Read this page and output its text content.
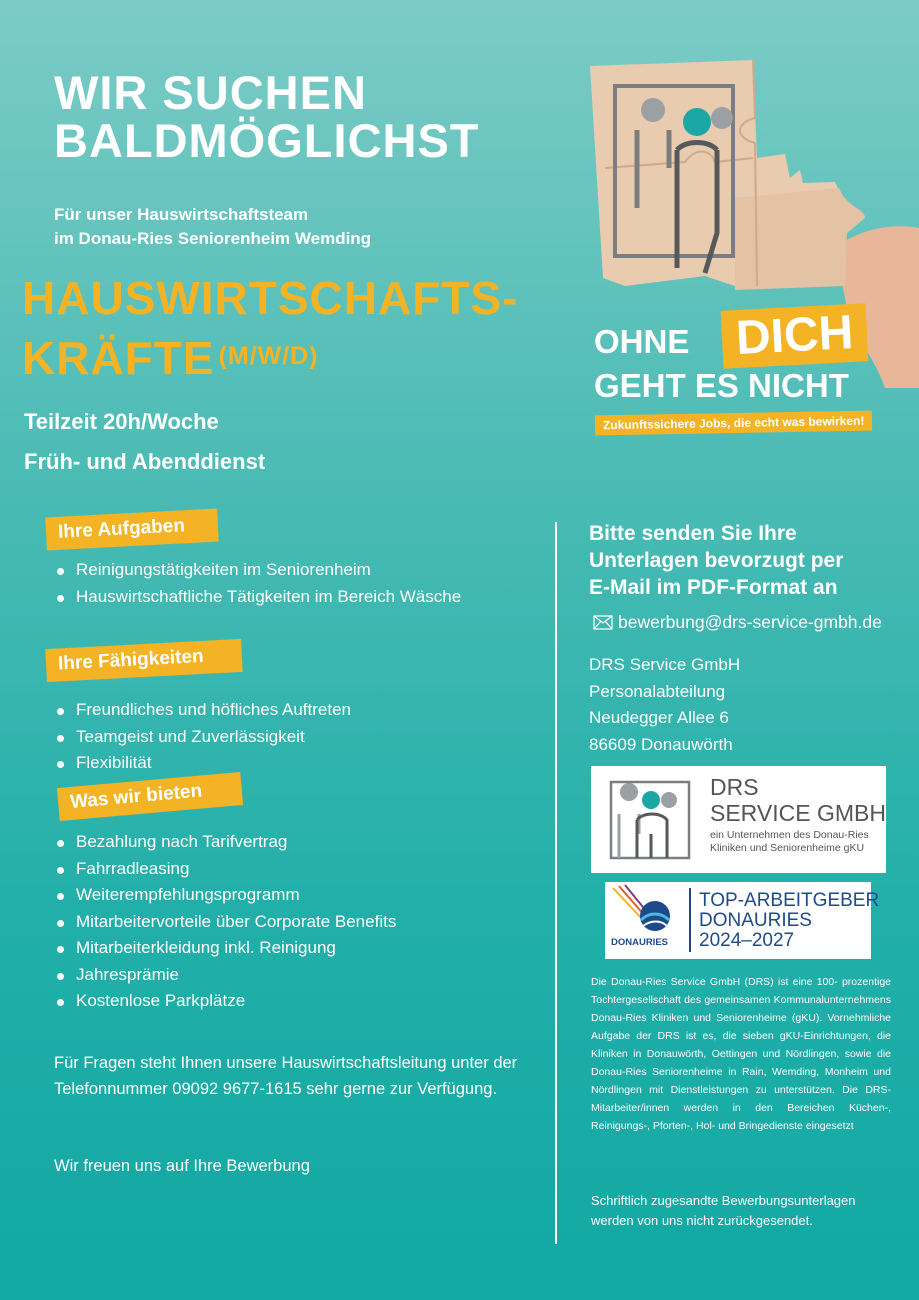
WIR SUCHEN
BALDMÖGLICHST
Für unser Hauswirtschaftsteam
im Donau-Ries Seniorenheim Wemding
HAUSWIRTSCHAFTS-
KRÄFTE $^{(M/W/D)}$
Teilzeit 20h/Woche
Früh- und Abenddienst
Ihre Aufgaben
Reinigungstätigkeiten im Seniorenheim
Hauswirtschaftliche Tätigkeiten im Bereich Wäsche
Ihre Fähigkeiten
Freundliches und höfliches Auftreten
Teamgeist und Zuverlässigkeit
Flexibilität
Was wir bieten
Bezahlung nach Tarifvertrag
Fahrradleasing
Weiterempfehlungsprogramm
Mitarbeitervorteile über Corporate Benefits
Mitarbeiterkleidung inkl. Reinigung
Jahresprämie
Kostenlose Parkplätze
Für Fragen steht Ihnen unsere Hauswirtschaftsleitung unter der Telefonnummer 09092 9677-1615 sehr gerne zur Verfügung.
Wir freuen uns auf Ihre Bewerbung
OHNE DICH
GEHT ES NICHT
Zukunftssichere Jobs, die echt was bewirken!
Bitte senden Sie Ihre
Unterlagen bevorzugt per
E-Mail im PDF-Format an
bewerbung@drs-service-gmbh.de
DRS Service GmbH
Personalabteilung
Neudegger Allee 6
86609 Donauwörth
DRS
SERVICE GMBH
ein Unternehmen des Donau-Ries
Kliniken und Seniorenheime gKU
DONAURIES
TOP-ARBEITGEBER
DONAURIES
2024–2027
Die Donau-Ries Service GmbH (DRS) ist eine 100- prozentige Tochtergesellschaft des gemeinsamen Kommunalunternehmens Donau-Ries Kliniken und Seniorenheime (gKU). Vornehmliche Aufgabe der DRS ist es, die sieben gKU-Einrichtungen, die Kliniken in Donauwörth, Oettingen und Nördlingen, sowie die Donau-Ries Seniorenheime in Rain, Wemding, Monheim und Nördlingen mit Dienstleistungen zu unterstützen. Die DRS-Mitarbeiter/innen werden in den Bereichen Küchen-, Reinigungs-, Pforten-, Hol- und Bringedienste eingesetzt
Schriftlich zugesandte Bewerbungsunterlagen werden von uns nicht zurückgesendet.
